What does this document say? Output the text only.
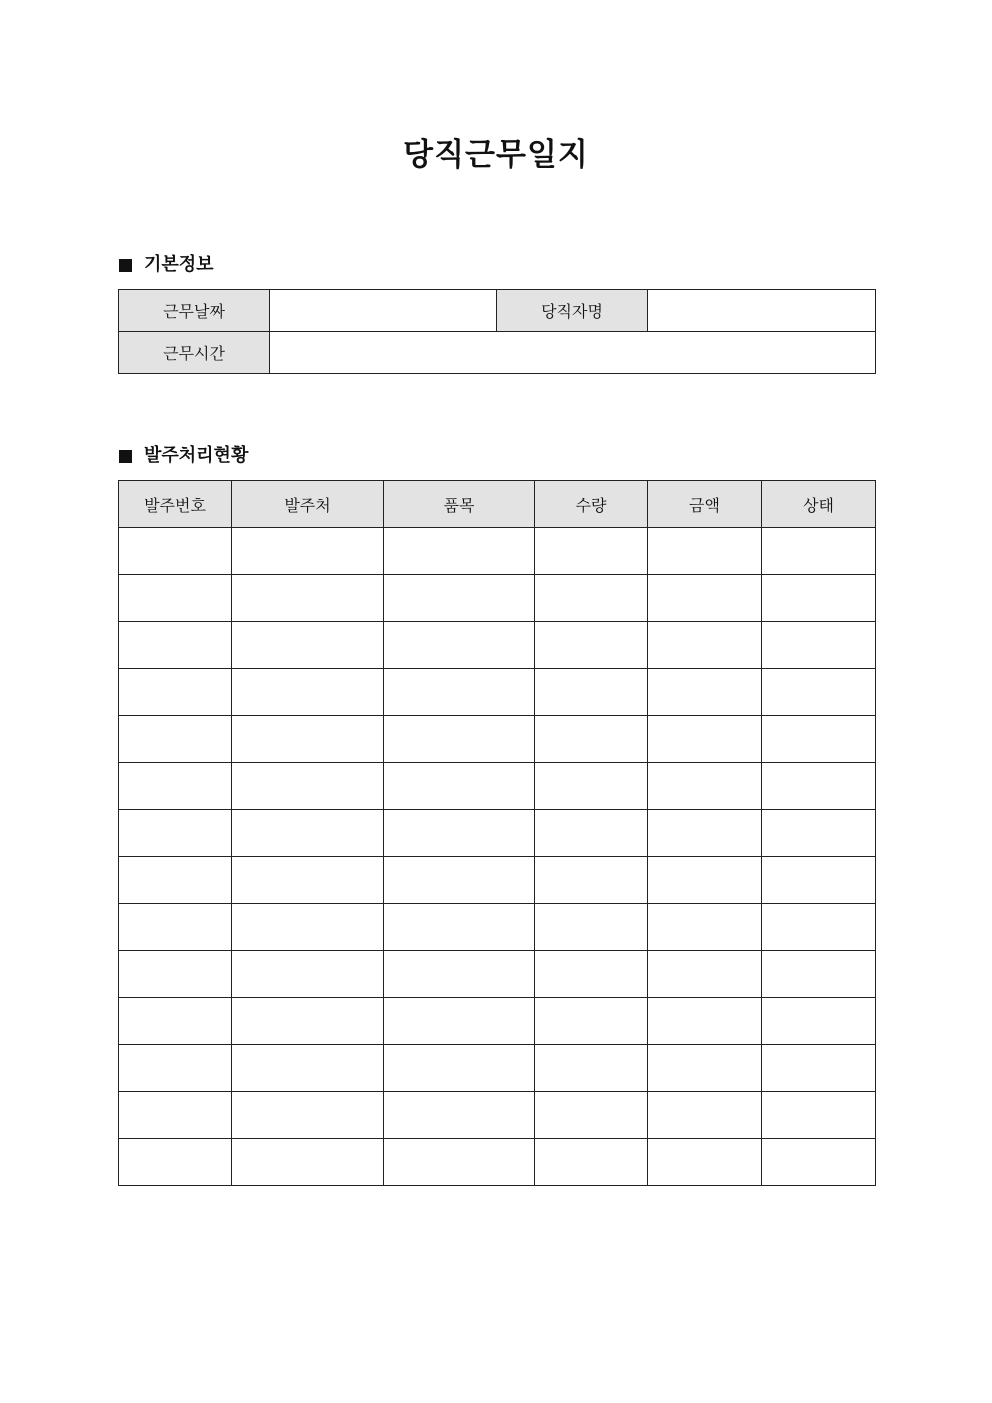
당직근무일지
기본정보
근무날짜		당직자명	
근무시간			
발주처리현황
발주번호	발주처	품목	수량	금액	상태
